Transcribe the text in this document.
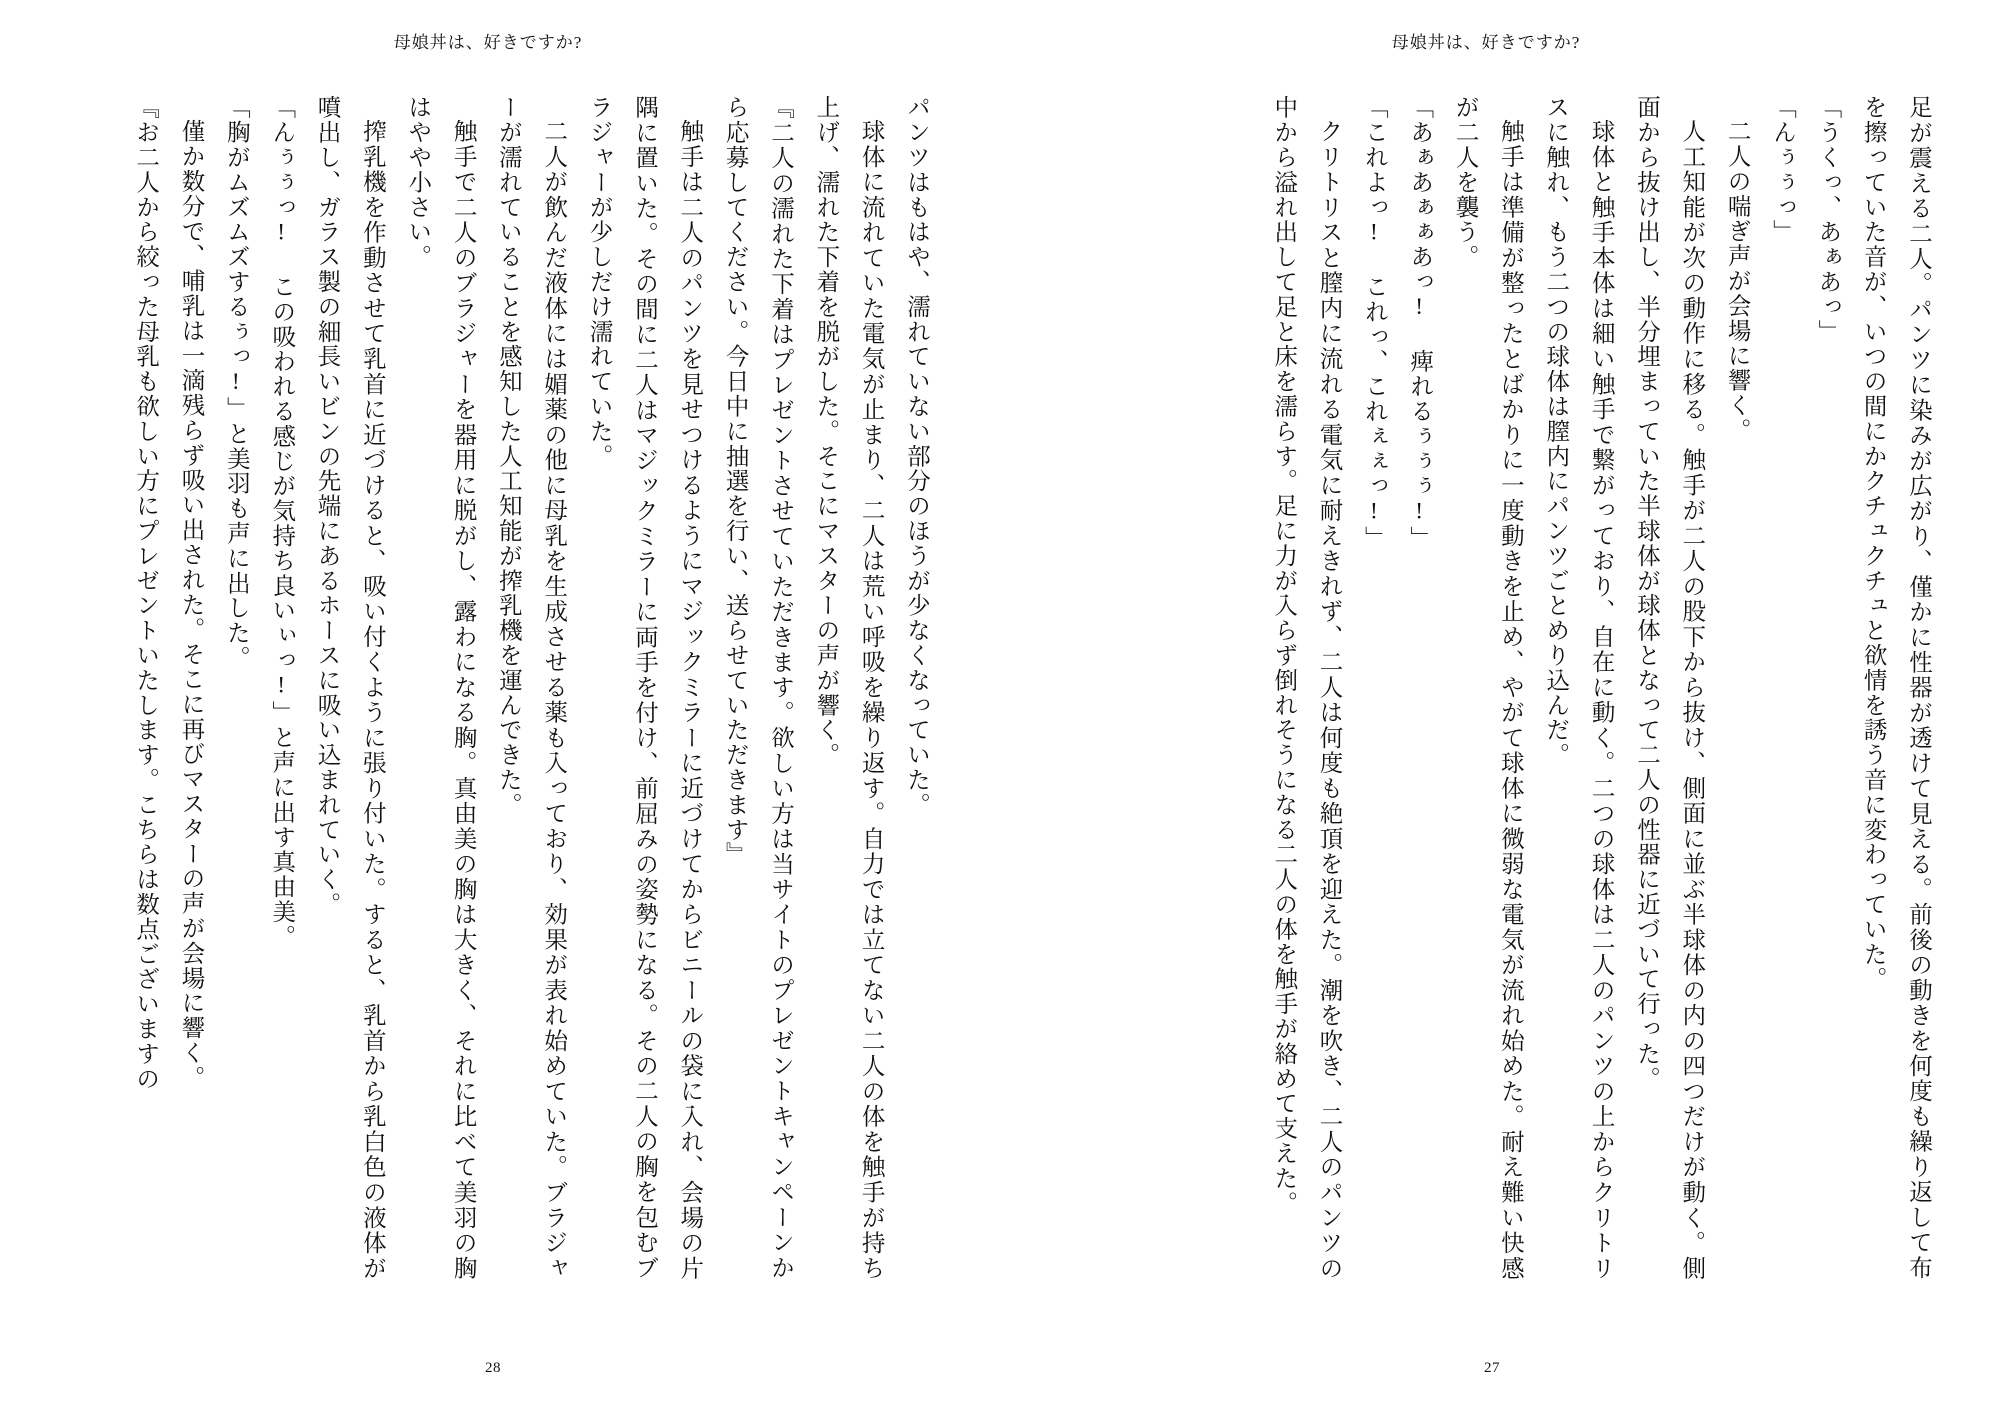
母娘丼は、好きですか?

パンツはもはや、濡れていない部分のほうが少なくなっていた。

球体に流れていた電気が止まり、二人は荒い呼吸を繰り返す。自力では立てない二人の体を触手が持ち上げ、濡れた下着を脱がした。そこにマスターの声が響く。

『二人の濡れた下着はプレゼントさせていただきます。欲しい方は当サイトのプレゼントキャンペーンから応募してください。今日中に抽選を行い、送らせていただきます』

触手は二人のパンツを見せつけるようにマジックミラーに近づけてからビニールの袋に入れ、会場の片隅に置いた。その間に二人はマジックミラーに両手を付け、前屈みの姿勢になる。その二人の胸を包むブラジャーが少しだけ濡れていた。

二人が飲んだ液体には媚薬の他に母乳を生成させる薬も入っており、効果が表れ始めていた。ブラジャーが濡れていることを感知した人工知能が搾乳機を運んできた。

触手で二人のブラジャーを器用に脱がし、露わになる胸。真由美の胸は大きく、それに比べて美羽の胸はやや小さい。

搾乳機を作動させて乳首に近づけると、吸い付くように張り付いた。すると、乳首から乳白色の液体が噴出し、ガラス製の細長いビンの先端にあるホースに吸い込まれていく。

「んぅぅっ! この吸われる感じが気持ち良いぃっ!」と声に出す真由美。

「胸がムズムズするぅっ!」と美羽も声に出した。

僅か数分で、哺乳は一滴残らず吸い出された。そこに再びマスターの声が会場に響く。

『お二人から絞った母乳も欲しい方にプレゼントいたします。こちらは数点ございますの

28
母娘丼は、好きですか?

足が震える二人。パンツに染みが広がり、僅かに性器が透けて見える。前後の動きを何度も繰り返して布を擦っていた音が、いつの間にかクチュクチュと欲情を誘う音に変わっていた。

「うくっ、あぁあっ」

「んぅぅっ」

二人の喘ぎ声が会場に響く。

人工知能が次の動作に移る。触手が二人の股下から抜け、側面に並ぶ半球体の内の四つだけが動く。側面から抜け出し、半分埋まっていた半球体が球体となって二人の性器に近づいて行った。

球体と触手本体は細い触手で繋がっており、自在に動く。二つの球体は二人のパンツの上からクリトリスに触れ、もう二つの球体は膣内にパンツごとめり込んだ。

触手は準備が整ったとばかりに一度動きを止め、やがて球体に微弱な電気が流れ始めた。耐え難い快感が二人を襲う。

「あぁあぁぁあっ! 痺れるぅぅぅ!」

「これよっ! これっ、これぇぇっ!」

クリトリスと膣内に流れる電気に耐えきれず、二人は何度も絶頂を迎えた。潮を吹き、二人のパンツの中から溢れ出して足と床を濡らす。足に力が入らず倒れそうになる二人の体を触手が絡めて支えた。

27
